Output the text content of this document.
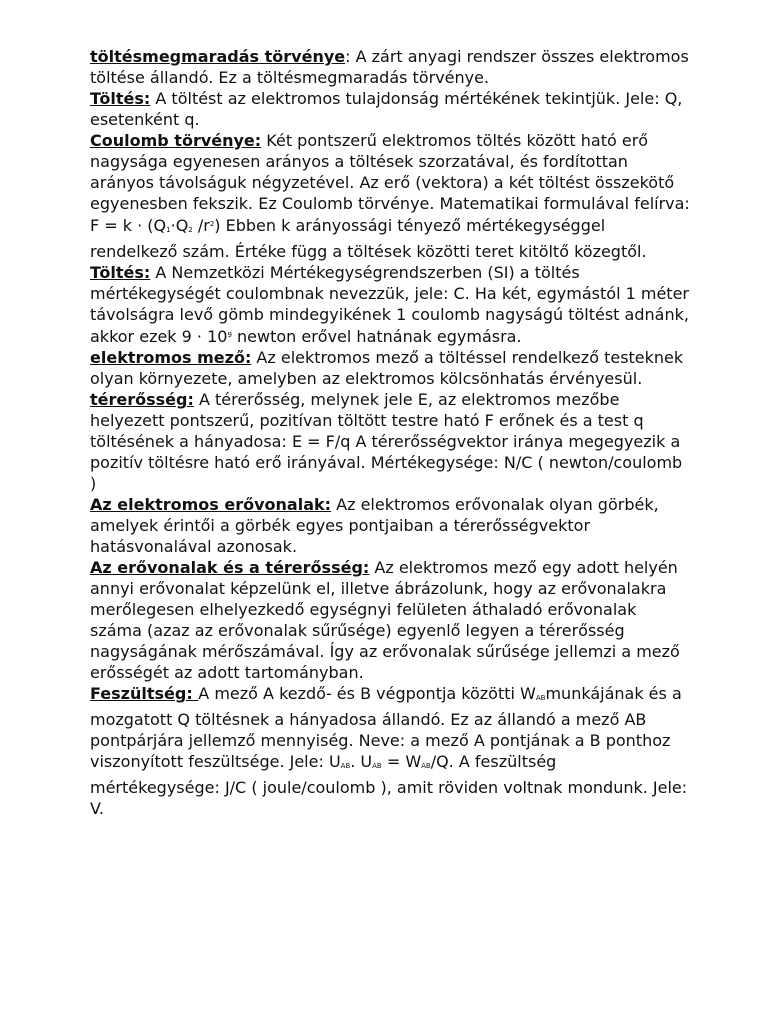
töltésmegmaradás törvénye: A zárt anyagi rendszer összes elektromos töltése állandó. Ez a töltésmegmaradás törvénye.

Töltés: A töltést az elektromos tulajdonság mértékének tekintjük. Jele: Q, esetenként q.

Coulomb törvénye: Két pontszerű elektromos töltés között ható erő nagysága egyenesen arányos a töltések szorzatával, és fordítottan arányos távolságuk négyzetével. Az erő (vektora) a két töltést összekötő egyenesben fekszik. Ez Coulomb törvénye. Matematikai formulával felírva: F = k · (Q1·Q2 $/r^2$) Ebben k arányossági tényező mértékegységgel rendelkező szám. Értéke függ a töltések közötti teret kitöltő közegtől.

Töltés: A Nemzetközi Mértékegységrendszerben (SI) a töltés mértékegységét coulombnak nevezzük, jele: C. Ha két, egymástól 1 méter távolságra levő gömb mindegyikének 1 coulomb nagyságú töltést adnánk, akkor ezek $9 \cdot 10^9$ newton erővel hatnának egymásra.

elektromos mező: Az elektromos mező a töltéssel rendelkező testeknek olyan környezete, amelyben az elektromos kölcsönhatás érvényesül.

térerősség: A térerősség, melynek jele E, az elektromos mezőbe helyezett pontszerű, pozitívan töltött testre ható F erőnek és a test q töltésének a hányadosa: E = F/q A térerősségvektor iránya megegyezik a pozitív töltésre ható erő irányával. Mértékegysége: N/C ( newton/coulomb )

Az elektromos erővonalak: Az elektromos erővonalak olyan görbék, amelyek érintői a görbék egyes pontjaiban a térerősségvektor hatásvonalával azonosak.

Az erővonalak és a térerősség: Az elektromos mező egy adott helyén annyi erővonalat képzelünk el, illetve ábrázolunk, hogy az erővonalakra merőlegesen elhelyezkedő egységnyi felületen áthaladó erővonalak száma (azaz az erővonalak sűrűsége) egyenlő legyen a térerősség nagyságának mérőszámával. Így az erővonalak sűrűsége jellemzi a mező erősségét az adott tartományban.

Feszültség: A mező A kezdő- és B végpontja közötti WABmunkájának és a mozgatott Q töltésnek a hányadosa állandó. Ez az állandó a mező AB pontpárjára jellemző mennyiség. Neve: a mező A pontjának a B ponthoz viszonyított feszültsége. Jele: UAB. UAB = WAB/Q. A feszültség mértékegysége: J/C ( joule/coulomb ), amit röviden voltnak mondunk. Jele: V.
